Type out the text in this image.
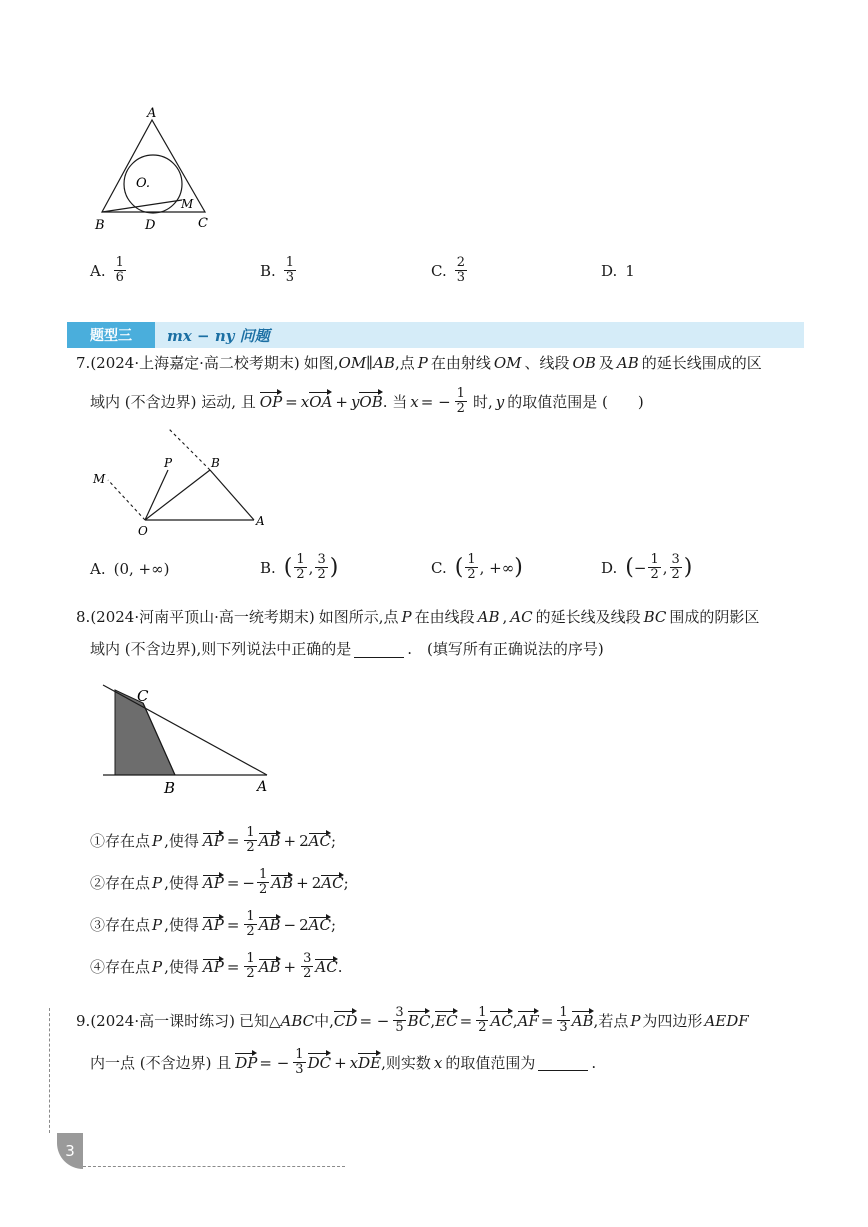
A
B	D	C
M
O.
A. $\frac{1}{6}$	B. $\frac{1}{3}$	C. $\frac{2}{3}$	D. 1
题型三	mx − ny 问题
7. (2024·上海嘉定·高二校考期末) 如图, OM∥AB ,点 P 在由射线 OM 、线段 OB 及 AB 的延长线围成的区
域内 (不含边界) 运动, 且 OP = x OA + y OB . 当 x = − $\frac{1}{2}$ 时, y 的取值范围是 (　　)
M
P	B
O
A
A. (0, +∞)	B. ( $\frac{1}{2}$ , $\frac{3}{2}$ )	C. ( $\frac{1}{2}$ , +∞ )	D. ( − $\frac{1}{2}$ , $\frac{3}{2}$ )
8. (2024·河南平顶山·高一统考期末) 如图所示,点 P 在由线段 AB , AC 的延长线及线段 BC 围成的阴影区
域内 (不含边界),则下列说法中正确的是	.　(填写所有正确说法的序号)
C
B	A
①存在点 P ,使得 AP = $\frac{1}{2}$ AB + 2 AC ;
②存在点 P ,使得 AP = − $\frac{1}{2}$ AB + 2 AC ;
③存在点 P ,使得 AP = $\frac{1}{2}$ AB − 2 AC ;
④存在点 P ,使得 AP = $\frac{1}{2}$ AB + $\frac{3}{2}$ AC .
9. (2024·高一课时练习) 已知△ ABC 中, CD = − $\frac{3}{5}$ BC , EC = $\frac{1}{2}$ AC , AF = $\frac{1}{3}$ AB ,若点 P 为四边形 AEDF
内一点 (不含边界) 且 DP = − $\frac{1}{3}$ DC + x DE ,则实数 x 的取值范围为	.
3
